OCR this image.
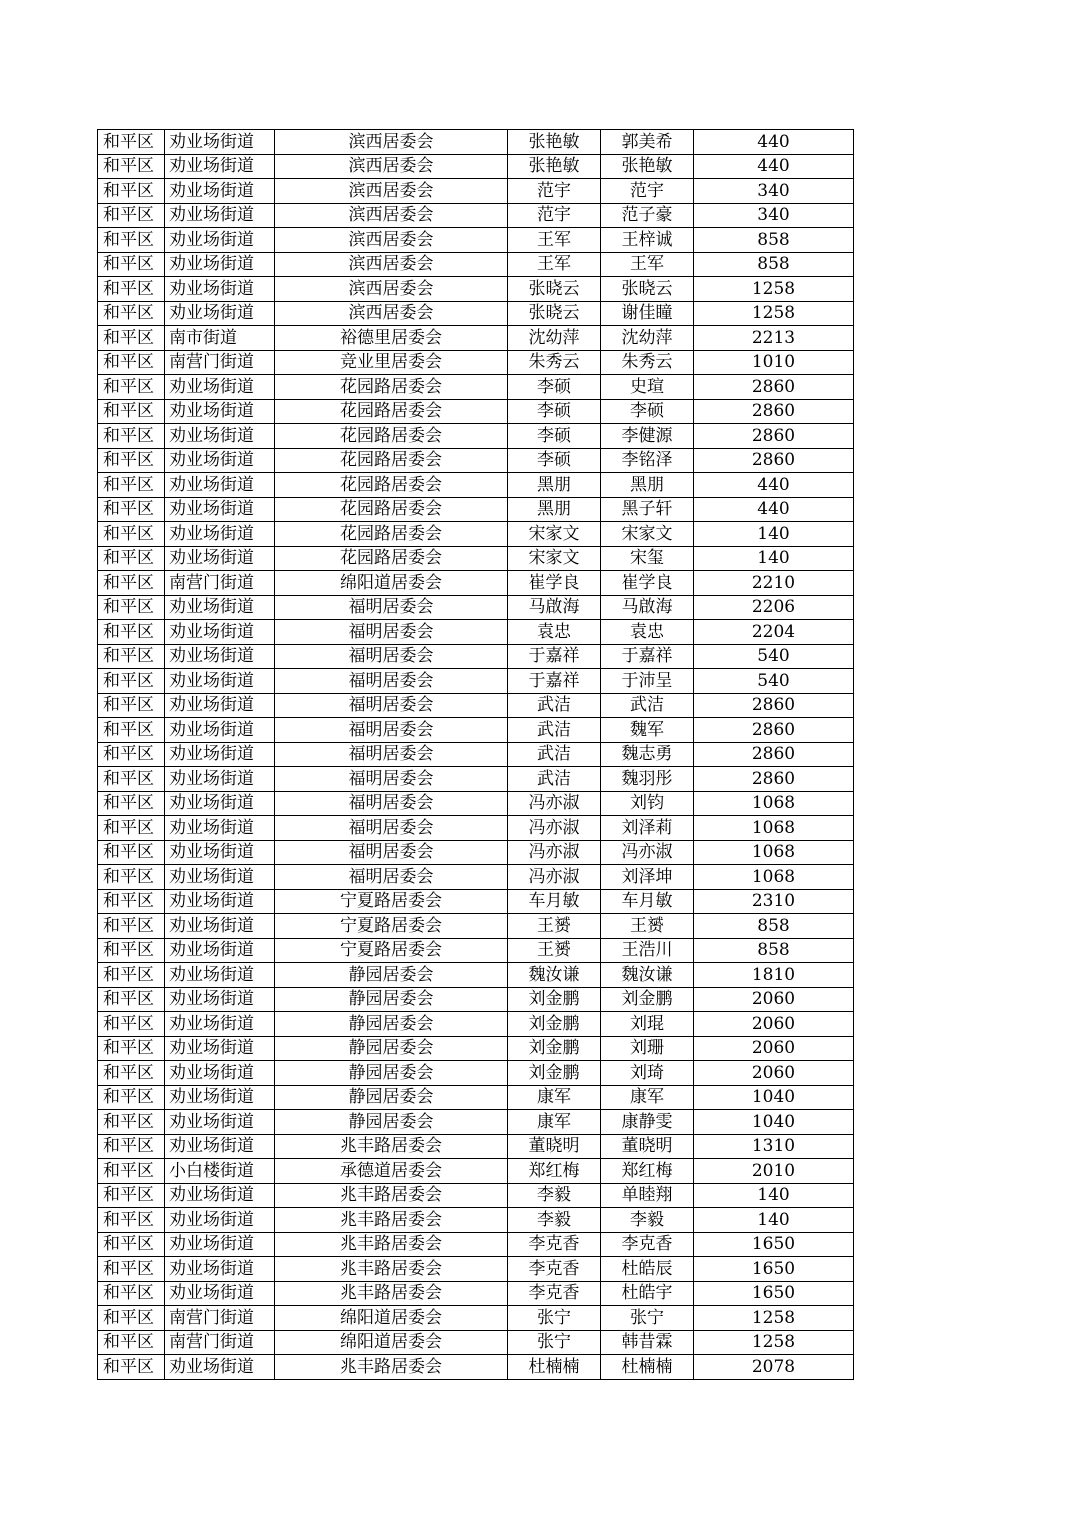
和平区	劝业场街道	滨西居委会	张艳敏	郭美希	440
和平区	劝业场街道	滨西居委会	张艳敏	张艳敏	440
和平区	劝业场街道	滨西居委会	范宇	范宇	340
和平区	劝业场街道	滨西居委会	范宇	范子豪	340
和平区	劝业场街道	滨西居委会	王军	王梓诚	858
和平区	劝业场街道	滨西居委会	王军	王军	858
和平区	劝业场街道	滨西居委会	张晓云	张晓云	1258
和平区	劝业场街道	滨西居委会	张晓云	谢佳瞳	1258
和平区	南市街道	裕德里居委会	沈幼萍	沈幼萍	2213
和平区	南营门街道	竞业里居委会	朱秀云	朱秀云	1010
和平区	劝业场街道	花园路居委会	李硕	史瑄	2860
和平区	劝业场街道	花园路居委会	李硕	李硕	2860
和平区	劝业场街道	花园路居委会	李硕	李健源	2860
和平区	劝业场街道	花园路居委会	李硕	李铭泽	2860
和平区	劝业场街道	花园路居委会	黑朋	黑朋	440
和平区	劝业场街道	花园路居委会	黑朋	黑子轩	440
和平区	劝业场街道	花园路居委会	宋家文	宋家文	140
和平区	劝业场街道	花园路居委会	宋家文	宋玺	140
和平区	南营门街道	绵阳道居委会	崔学良	崔学良	2210
和平区	劝业场街道	福明居委会	马啟海	马啟海	2206
和平区	劝业场街道	福明居委会	袁忠	袁忠	2204
和平区	劝业场街道	福明居委会	于嘉祥	于嘉祥	540
和平区	劝业场街道	福明居委会	于嘉祥	于沛呈	540
和平区	劝业场街道	福明居委会	武洁	武洁	2860
和平区	劝业场街道	福明居委会	武洁	魏军	2860
和平区	劝业场街道	福明居委会	武洁	魏志勇	2860
和平区	劝业场街道	福明居委会	武洁	魏羽彤	2860
和平区	劝业场街道	福明居委会	冯亦淑	刘钧	1068
和平区	劝业场街道	福明居委会	冯亦淑	刘泽莉	1068
和平区	劝业场街道	福明居委会	冯亦淑	冯亦淑	1068
和平区	劝业场街道	福明居委会	冯亦淑	刘泽坤	1068
和平区	劝业场街道	宁夏路居委会	车月敏	车月敏	2310
和平区	劝业场街道	宁夏路居委会	王赟	王赟	858
和平区	劝业场街道	宁夏路居委会	王赟	王浩川	858
和平区	劝业场街道	静园居委会	魏汝谦	魏汝谦	1810
和平区	劝业场街道	静园居委会	刘金鹏	刘金鹏	2060
和平区	劝业场街道	静园居委会	刘金鹏	刘琨	2060
和平区	劝业场街道	静园居委会	刘金鹏	刘珊	2060
和平区	劝业场街道	静园居委会	刘金鹏	刘琦	2060
和平区	劝业场街道	静园居委会	康军	康军	1040
和平区	劝业场街道	静园居委会	康军	康静雯	1040
和平区	劝业场街道	兆丰路居委会	董晓明	董晓明	1310
和平区	小白楼街道	承德道居委会	郑红梅	郑红梅	2010
和平区	劝业场街道	兆丰路居委会	李毅	单睦翔	140
和平区	劝业场街道	兆丰路居委会	李毅	李毅	140
和平区	劝业场街道	兆丰路居委会	李克香	李克香	1650
和平区	劝业场街道	兆丰路居委会	李克香	杜皓辰	1650
和平区	劝业场街道	兆丰路居委会	李克香	杜皓宇	1650
和平区	南营门街道	绵阳道居委会	张宁	张宁	1258
和平区	南营门街道	绵阳道居委会	张宁	韩昔霖	1258
和平区	劝业场街道	兆丰路居委会	杜楠楠	杜楠楠	2078
